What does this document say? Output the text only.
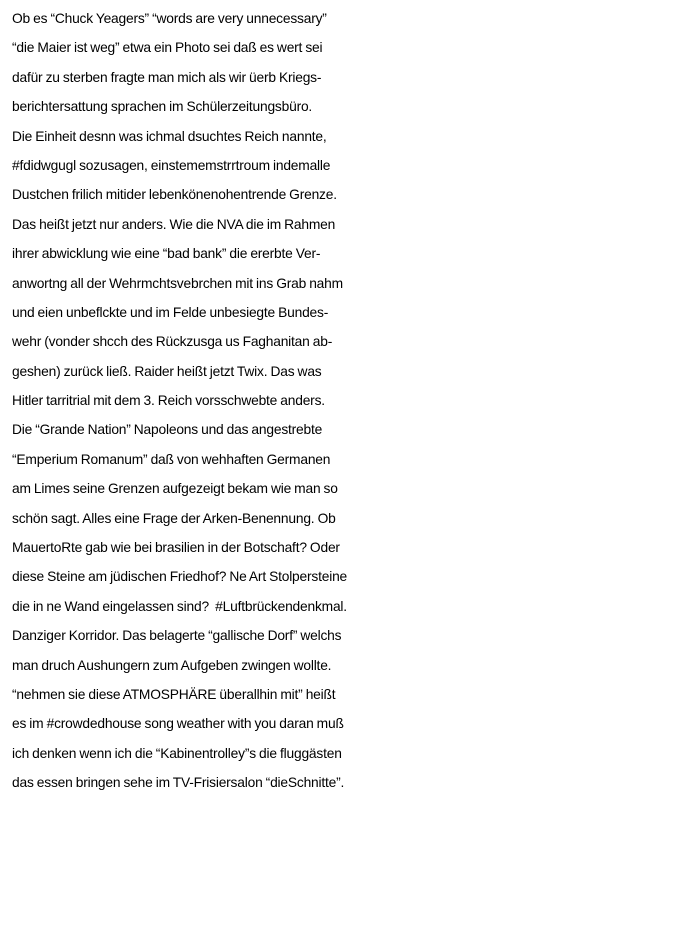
Ob es “Chuck Yeagers” “words are very unnecessary”
“die Maier ist weg” etwa ein Photo sei daß es wert sei
dafür zu sterben fragte man mich als wir üerb Kriegs-
berichtersattung sprachen im Schülerzeitungsbüro.
Die Einheit desnn was ichmal dsuchtes Reich nannte,
#fdidwgugl sozusagen, einstememstrrtroum indemalle
Dustchen frilich mitider lebenkönenohentrende Grenze.
Das heißt jetzt nur anders. Wie die NVA die im Rahmen
ihrer abwicklung wie eine “bad bank” die ererbte Ver-
anwortng all der Wehrmchtsvebrchen mit ins Grab nahm
und eien unbeflckte und im Felde unbesiegte Bundes-
wehr (vonder shcch des Rückzusga us Faghanitan ab-
geshen) zurück ließ. Raider heißt jetzt Twix. Das was
Hitler tarritrial mit dem 3. Reich vorsschwebte anders.
Die “Grande Nation” Napoleons und das angestrebte
“Emperium Romanum” daß von wehhaften Germanen
am Limes seine Grenzen aufgezeigt bekam wie man so
schön sagt. Alles eine Frage der Arken-Benennung. Ob
MauertoRte gab wie bei brasilien in der Botschaft? Oder
diese Steine am jüdischen Friedhof? Ne Art Stolpersteine
die in ne Wand eingelassen sind?  #Luftbrückendenkmal.
Danziger Korridor. Das belagerte “gallische Dorf” welchs
man druch Aushungern zum Aufgeben zwingen wollte.
“nehmen sie diese ATMOSPHÄRE überallhin mit” heißt
es im #crowdedhouse song weather with you daran muß
ich denken wenn ich die “Kabinentrolley”s die fluggästen
das essen bringen sehe im TV-Frisiersalon “dieSchnitte”.
